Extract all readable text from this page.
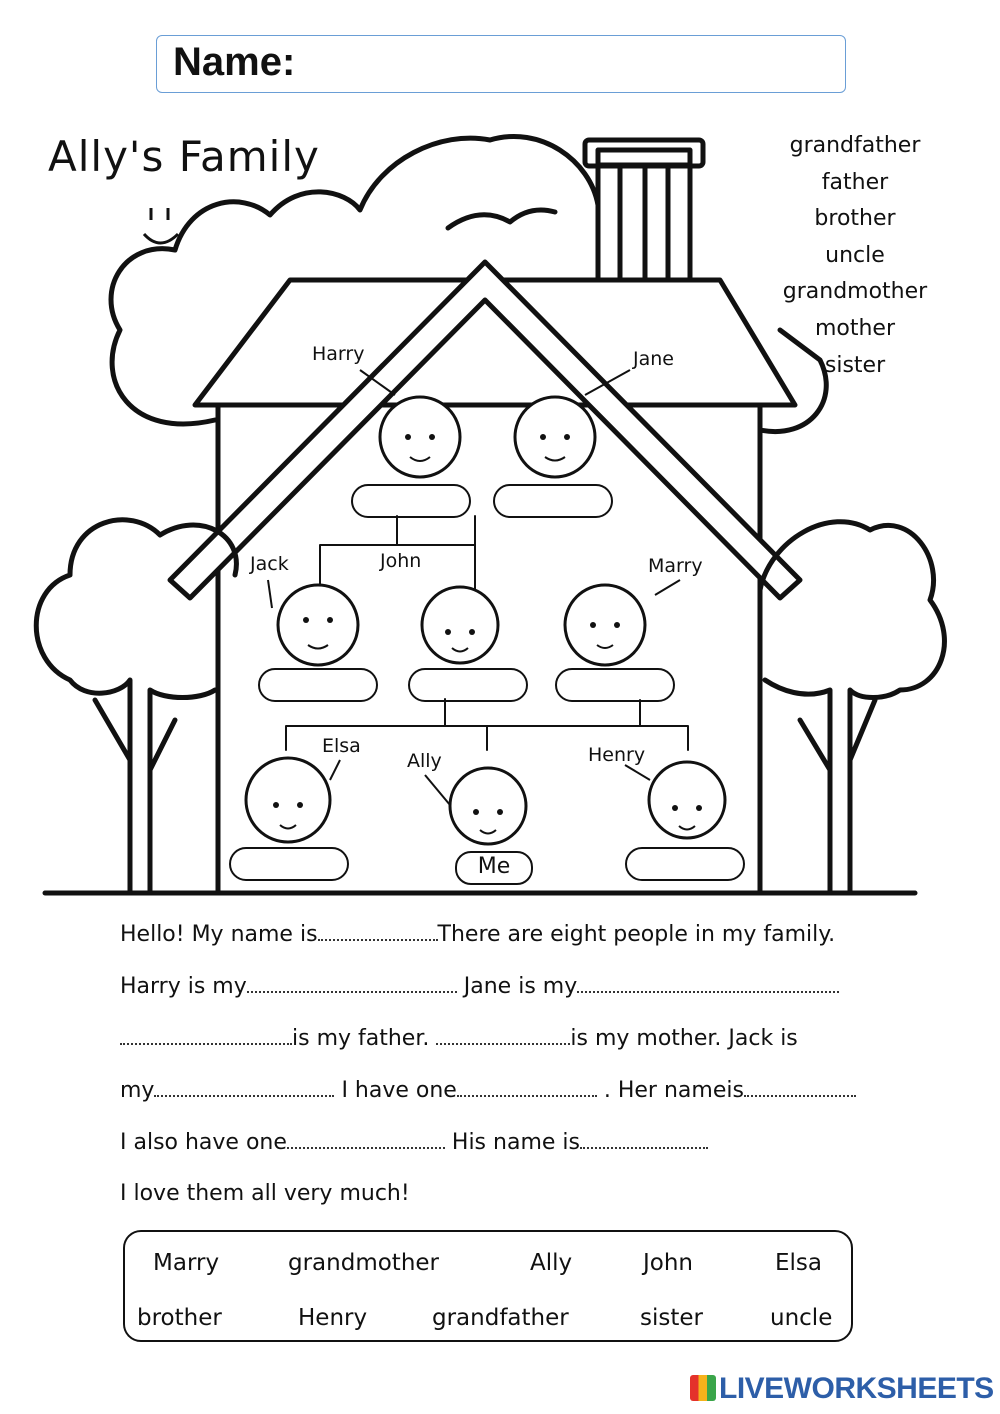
Name:
Ally's Family	grandfather
father
brother
uncle
grandmother
mother
sister
Harry	Jane
Jack	John	Marry
Elsa
Ally	Henry
Me
Hello! My name is	There are eight people in my family.
Harry is my	Jane is my
is my father.	is my mother. Jack is
my	I have one	. Her nameis
I also have one	His name is
I love them all very much!
Marry	grandmother	Ally	John	Elsa
brother	Henry	grandfather	sister	uncle
LIVEWORKSHEETS
